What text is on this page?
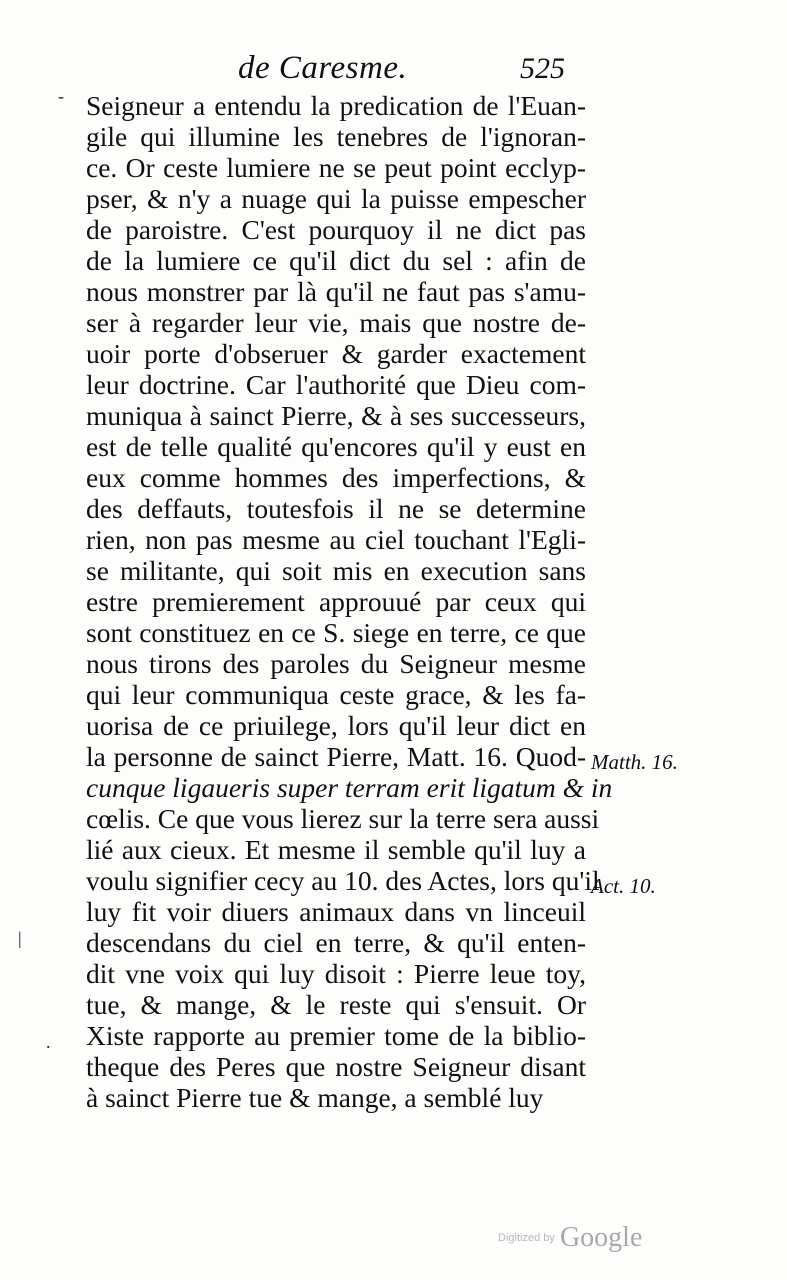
de Caresme.	525
- Seigneur a entendu la predication de l'Euan-
gile qui illumine les tenebres de l'ignoran-
ce. Or ceste lumiere ne se peut point ecclyp-
pser, & n'y a nuage qui la puisse empescher
de paroistre. C'est pourquoy il ne dict pas
de la lumiere ce qu'il dict du sel : afin de
nous monstrer par là qu'il ne faut pas s'amu-
ser à regarder leur vie, mais que nostre de-
uoir porte d'obseruer & garder exactement
leur doctrine. Car l'authorité que Dieu com-
muniqua à sainct Pierre, & à ses successeurs,
est de telle qualité qu'encores qu'il y eust en
eux comme hommes des imperfections, &
des deffauts, toutesfois il ne se determine
rien, non pas mesme au ciel touchant l'Egli-
se militante, qui soit mis en execution sans
estre premierement approuué par ceux qui
sont constituez en ce S. siege en terre, ce que
nous tirons des paroles du Seigneur mesme
qui leur communiqua ceste grace, & les fa-
uorisa de ce priuilege, lors qu'il leur dict en
la personne de sainct Pierre, Matt. 16. Quod-
cunque ligaueris super terram erit ligatum & in
cœlis. Ce que vous lierez sur la terre sera aussi
lié aux cieux. Et mesme il semble qu'il luy a
voulu signifier cecy au 10. des Actes, lors qu'il
luy fit voir diuers animaux dans vn linceuil
descendans du ciel en terre, & qu'il enten-
dit vne voix qui luy disoit : Pierre leue toy,
tue, & mange, & le reste qui s'ensuit. Or
Xiste rapporte au premier tome de la biblio-
theque des Peres que nostre Seigneur disant
à sainct Pierre tue & mange, a semblé luy
Matth. 16.
Act. 10.
|
.
Digitized by Google
